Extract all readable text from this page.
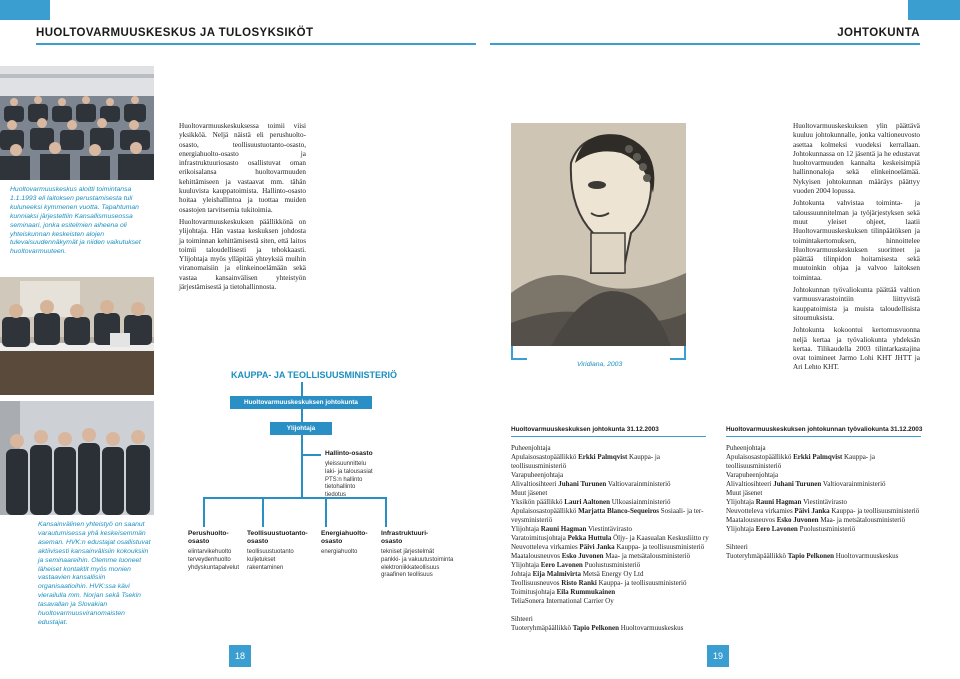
HUOLTOVARMUUSKESKUS JA TULOSYKSIKÖT	JOHTOKUNTA
Huoltovarmuuskeskus aloitti toimintansa 1.1.1993 eli laitoksen perustamisesta tuli kuluneeksi kymmenen vuotta. Tapahtuman kunniaksi järjestettiin Kansallismuseossa seminaari, jonka esitelmien aiheena oli yhteiskunnan keskeisten alojen tulevaisuudennäkymät ja niiden vaikutukset huoltovarmuuteen.
Kansainvälinen yhteistyö on saanut varautumisessa yhä keskeisemmän aseman. HVK:n edustajat osallistuvat aktiivisesti kansainvälisiin kokouksiin ja seminaareihin. Olemme luoneet läheiset kontaktit myös monien vastaavien kansallisiin organisaatioihin. HVK:ssa kävi vierailulla mm. Norjan sekä Tsekin tasavallan ja Slovakian huoltovarmuusviranomaisten edustajat.

Huoltovarmuuskeskuksessa toimii viisi yksikköä. Neljä näistä eli perushuolto-osasto, teollisuustuotanto-osasto, energiahuolto-osasto ja infrastruktuuriosasto osallistuvat oman erikoisalansa huoltovarmuuden kehittämiseen ja vastaavat mm. tähän kuuluvista kauppatoimista. Hallinto-osasto hoitaa yleishallintoa ja tuottaa muiden osastojen tarvitsemia tukitoimia.

Huoltovarmuuskeskuksen päällikkönä on ylijohtaja. Hän vastaa keskuksen johdosta ja toiminnan kehittämisestä siten, että laitos toimii taloudellisesti ja tehokkaasti. Ylijohtaja myös ylläpitää yhteyksiä muihin viranomaisiin ja elinkeinoelämään sekä vastaa kansainvälisen yhteistyön järjestämisestä ja tietohallinnosta.

Viridiana, 2003

Huoltovarmuuskeskuksen ylin päättävä kuuluu johtokunnalle, jonka valtioneuvosto asettaa kolmeksi vuodeksi kerrallaan. Johtokunnassa on 12 jäsentä ja he edustavat huoltovarmuuden kannalta keskeisimpiä hallinnonaloja sekä elinkeinoelämää. Nykyisen johtokunnan määräys päättyy vuoden 2004 lopussa.

Johtokunta vahvistaa toiminta- ja taloussuunnitelman ja työjärjestyksen sekä muut yleiset ohjeet, laatii Huoltovarmuuskeskuksen tilinpäätöksen ja toimintakertomuksen, hinnoittelee Huoltovarmuuskeskuksen suoritteet ja päättää tilinpidon hoitamisesta sekä muutoinkin ohjaa ja valvoo laitoksen toimintaa.

Johtokunnan työvaliokunta päättää valtion varmuusvarastointiin liittyvistä kauppatoimista ja muista taloudellisista sitoumuksista.

Johtokunta kokoontui kertomusvuonna neljä kertaa ja työvaliokunta yhdeksän kertaa. Tilikaudella 2003 tilintarkastajina ovat toimineet Jarmo Lohi KHT JHTT ja Ari Lehto KHT.

KAUPPA- JA TEOLLISUUSMINISTERIÖ
Huoltovarmuuskeskuksen johtokunta
Ylijohtaja
Hallinto-osasto
yleissuunnittelu
laki- ja talousasiat
PTS:n hallinto
tietohallinto
tiedotus
Perushuolto-
osasto
elintarvikehuolto
terveydenhuolto
yhdyskuntapalvelut
Teollisuustuotanto-
osasto
teollisuustuotanto
kuljetukset
rakentaminen
Energiahuolto-
osasto
energiahuolto
Infrastruktuuri-
osasto
tekniset järjestelmät
pankki- ja vakuutustoiminta
elektroniikkateollisuus
graafinen teollisuus
Huoltovarmuuskeskuksen johtokunta 31.12.2003
Puheenjohtaja
Apulaisosastopäällikkö Erkki Palmqvist Kauppa- ja
teollisuusministeriö
Varapuheenjohtaja
Alivaltiosihteeri Juhani Turunen Valtiovarainministeriö
Muut jäsenet
Yksikön päällikkö Lauri Aaltonen Ulkoasiainministeriö
Apulaisosastopäällikkö Marjatta Blanco-Sequeiros Sosiaali- ja ter-
veysministeriö
Ylijohtaja Rauni Hagman Viestintävirasto
Varatoimitusjohtaja Pekka Huttula Öljy- ja Kaasualan Keskusliitto ry
Neuvotteleva virkamies Päivi Janka Kauppa- ja teollisuusministeriö
Maatalousneuvos Esko Juvonen Maa- ja metsätalousministeriö
Ylijohtaja Eero Lavonen Puolustusministeriö
Johtaja Eija Malmivirta Metsä Energy Oy Ltd
Teollisuusneuvos Risto Ranki Kauppa- ja teollisuusministeriö
Toimitusjohtaja Eila Rummukainen
TeliaSonera International Carrier Oy
Sihteeri
Tuoteryhmäpäällikkö Tapio Pelkonen Huoltovarmuuskeskus
Huoltovarmuuskeskuksen johtokunnan työvaliokunta 31.12.2003
Puheenjohtaja
Apulaisosastopäällikkö Erkki Palmqvist Kauppa- ja
teollisuusministeriö
Varapuheenjohtaja
Alivaltiosihteeri Juhani Turunen Valtiovarainministeriö
Muut jäsenet
Ylijohtaja Rauni Hagman Viestintävirasto
Neuvotteleva virkamies Päivi Janka Kauppa- ja teollisuusministeriö
Maatalousneuvos Esko Juvonen Maa- ja metsätalousministeriö
Ylijohtaja Eero Lavonen Puolustusministeriö
Sihteeri
Tuoteryhmäpäällikkö Tapio Pelkonen Huoltovarmuuskeskus
18	19
